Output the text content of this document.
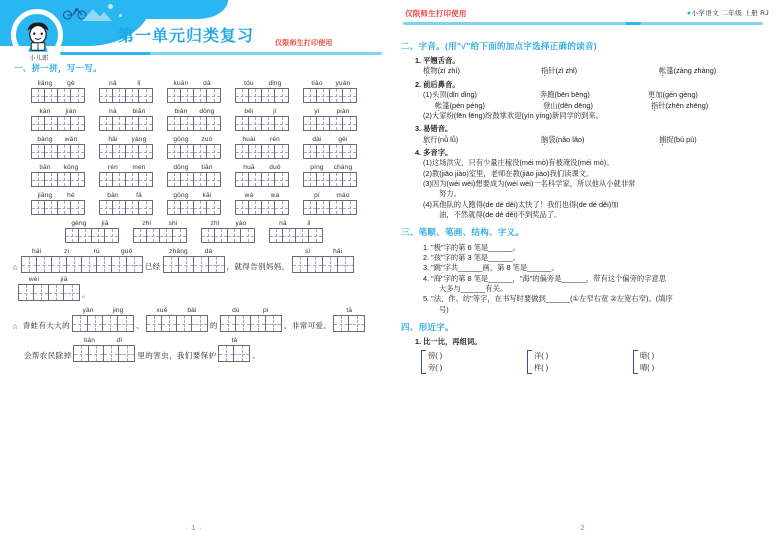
小儿郎
第一单元归类复习	仅限师生打印使用
一、拼一拼，写一写。
liǎng	gè	nǎ	lǐ	kuān	dà	tóu	dǐng	tiào	yuǎn
kàn	jiàn	nà	biān	biàn	dòng	běi	jí	yí	piàn
bàng	wǎn	hǎi	yáng	gōng	zuò	huài	rén	dài	gěi
tiān	kōng	rén	men	dōng	tiān	huā	duǒ	píng	cháng
jiāng	hé	bàn	fǎ	gōng	kāi	wá	wa	pí	máo
gèng	jiā	zhī	shi	zhǐ	yào	nǎ	lǐ
☆
hái	zi	rú	guǒ
已经
zhǎng	dà
，就得告别妈妈，
sì	hǎi
wéi	jiā
。
☆ 青蛙有大大的
yǎn	jing
、
xuě	bái
的
dù	pí
，非常可爱。
tā
会帮农民除掉
tián	dì
里的害虫，我们要保护
tā
。
· 1 ·
仅限师生打印使用	●小学语文 二年级 上册 RJ
二、字音。(用"√"给下面的加点字选择正确的读音)
1. 平翘舌音。
植物(zí zhí)	指针(zǐ zhǐ)	帐篷(zàng zhàng)
2. 前后鼻音。
(1) 头顶(dǐn dǐng)	奔跑(bēn bēng)	更加(gèn gèng)
帐篷(pén péng)	登山(dēn dēng)	指针(zhēn zhēng)
(2)大家纷(fēn fēng)纷鼓掌欢迎(yín yíng)新同学的到来。
3. 易错音。
旅行(nǚ lǚ)	脑袋(nǎo lǎo)	捕捉(bǔ pǔ)
4. 多音字。
(1)这场洪灾，只有少量庄稼没(méi mò)有被淹没(méi mò)。
(2)教(jiāo jiào)室里，老师在教(jiāo jiào)我们读课文。
(3)因为(wéi wèi)想要成为(wéi wèi)一名科学家，所以他从小就非常
努力。
(4)其他队的人跑得(de dé děi)太快了！我们也得(de dé děi)加
油，不然就得(de dé děi)不到奖品了。
三、笔顺、笔画、结构、字义。
1. "极"字的第 6 笔是______。
2. "孩"字的第 3 笔是______。
3. "跳"字共______画，第 8 笔是______。
4. "海"字的第 8 笔是______，"海"的偏旁是______，带有这个偏旁的字意思
大多与______有关。
5. "法、作、纺"等字，在书写时要做到______(①左窄右宽 ②左宽右窄)。(填序
号)
四、形近字。
1. 比一比，再组词。
傍( )
旁( )
洋( )
样( )
暗( )
晴( )
2
